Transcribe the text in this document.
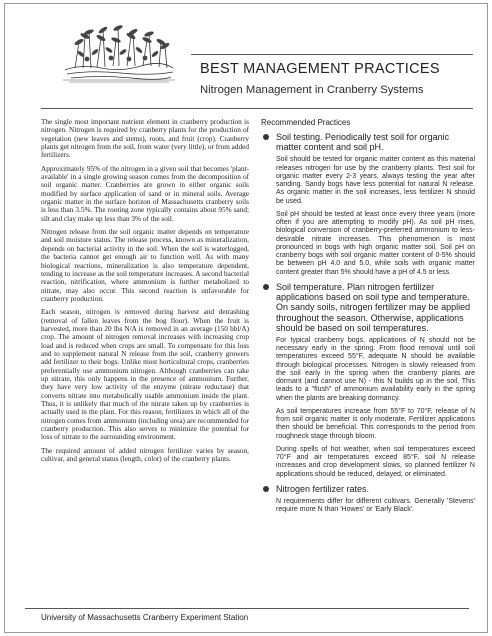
BEST MANAGEMENT PRACTICES
Nitrogen Management in Cranberry Systems

The single most important nutrient element in cranberry production is nitrogen. Nitrogen is required by cranberry plants for the production of vegetation (new leaves and stems), roots, and fruit (crop). Cranberry plants get nitrogen from the soil, from water (very little), or from added fertilizers.

Approximately 95% of the nitrogen in a given soil that becomes 'plant-available' in a single growing season comes from the decomposition of soil organic matter. Cranberries are grown in either organic soils modified by surface application of sand or in mineral soils. Average organic matter in the surface horizon of Massachusetts cranberry soils is less than 3.5%. The rooting zone typically contains about 95% sand; silt and clay make up less than 3% of the soil.

Nitrogen release from the soil organic matter depends on temperature and soil moisture status. The release process, known as mineralization, depends on bacterial activity in the soil. When the soil is waterlogged, the bacteria cannot get enough air to function well. As with many biological reactions, mineralization is also temperature dependent, tending to increase as the soil temperature increases. A second bacterial reaction, nitrification, where ammonium is further metabolized to nitrate, may also occur. This second reaction is unfavorable for cranberry production.

Each season, nitrogen is removed during harvest and detrashing (removal of fallen leaves from the bog floor). When the fruit is harvested, more than 20 lbs N/A is removed in an average (150 bbl/A) crop. The amount of nitrogen removal increases with increasing crop load and is reduced when crops are small. To compensate for this loss and to supplement natural N release from the soil, cranberry growers add fertilizer to their bogs. Unlike most horticultural crops, cranberries preferentially use ammonium nitrogen. Although cranberries can take up nitrate, this only happens in the presence of ammonium. Further, they have very low activity of the enzyme (nitrate reductase) that converts nitrate into metabolically usable ammonium inside the plant. Thus, it is unlikely that much of the nitrate taken up by cranberries is actually used in the plant. For this reason, fertilizers in which all of the nitrogen comes from ammonium (including urea) are recommended for cranberry production. This also serves to minimize the potential for loss of nitrate to the surrounding environment.

The required amount of added nitrogen fertilizer varies by season, cultivar, and general status (length, color) of the cranberry plants.

Recommended Practices
Soil testing. Periodically test soil for organic matter content and soil pH.

Soil should be tested for organic matter content as this material releases nitrogen for use by the cranberry plants. Test soil for organic matter every 2-3 years, always testing the year after sanding. Sandy bogs have less potential for natural N release. As organic matter in the soil increases, less fertilizer N should be used.

Soil pH should be tested at least once every three years (more often if you are attempting to modify pH). As soil pH rises, biological conversion of cranberry-preferred ammonium to less-desirable nitrate increases. This phenomenon is most pronounced in bogs with high organic matter soil. Soil pH on cranberry bogs with soil organic matter content of 0-5% should be between pH 4.0 and 5.0, while soils with organic matter content greater than 5% should have a pH of 4.5 or less.

Soil temperature. Plan nitrogen fertilizer applications based on soil type and temperature. On sandy soils, nitrogen fertilizer may be applied throughout the season. Otherwise, applications should be based on soil temperatures.

For typical cranberry bogs, applications of N should not be necessary early in the spring. From flood removal until soil temperatures exceed 55°F, adequate N should be available through biological processes. Nitrogen is slowly released from the soil early in the spring when the cranberry plants are dormant (and cannot use N) - this N builds up in the soil. This leads to a "flush" of ammonium availability early in the spring when the plants are breaking dormancy.

As soil temperatures increase from 55°F to 70°F, release of N from soil organic matter is only moderate. Fertilizer applications then should be beneficial. This corresponds to the period from roughneck stage through bloom.

During spells of hot weather, when soil temperatures exceed 70°F and air temperatures exceed 85°F, soil N release increases and crop development slows, so planned fertilizer N applications should be reduced, delayed, or eliminated.

Nitrogen fertilizer rates.

N requirements differ for different cultivars. Generally 'Stevens' require more N than 'Howes' or 'Early Black'.

University of Massachusetts Cranberry Experiment Station
